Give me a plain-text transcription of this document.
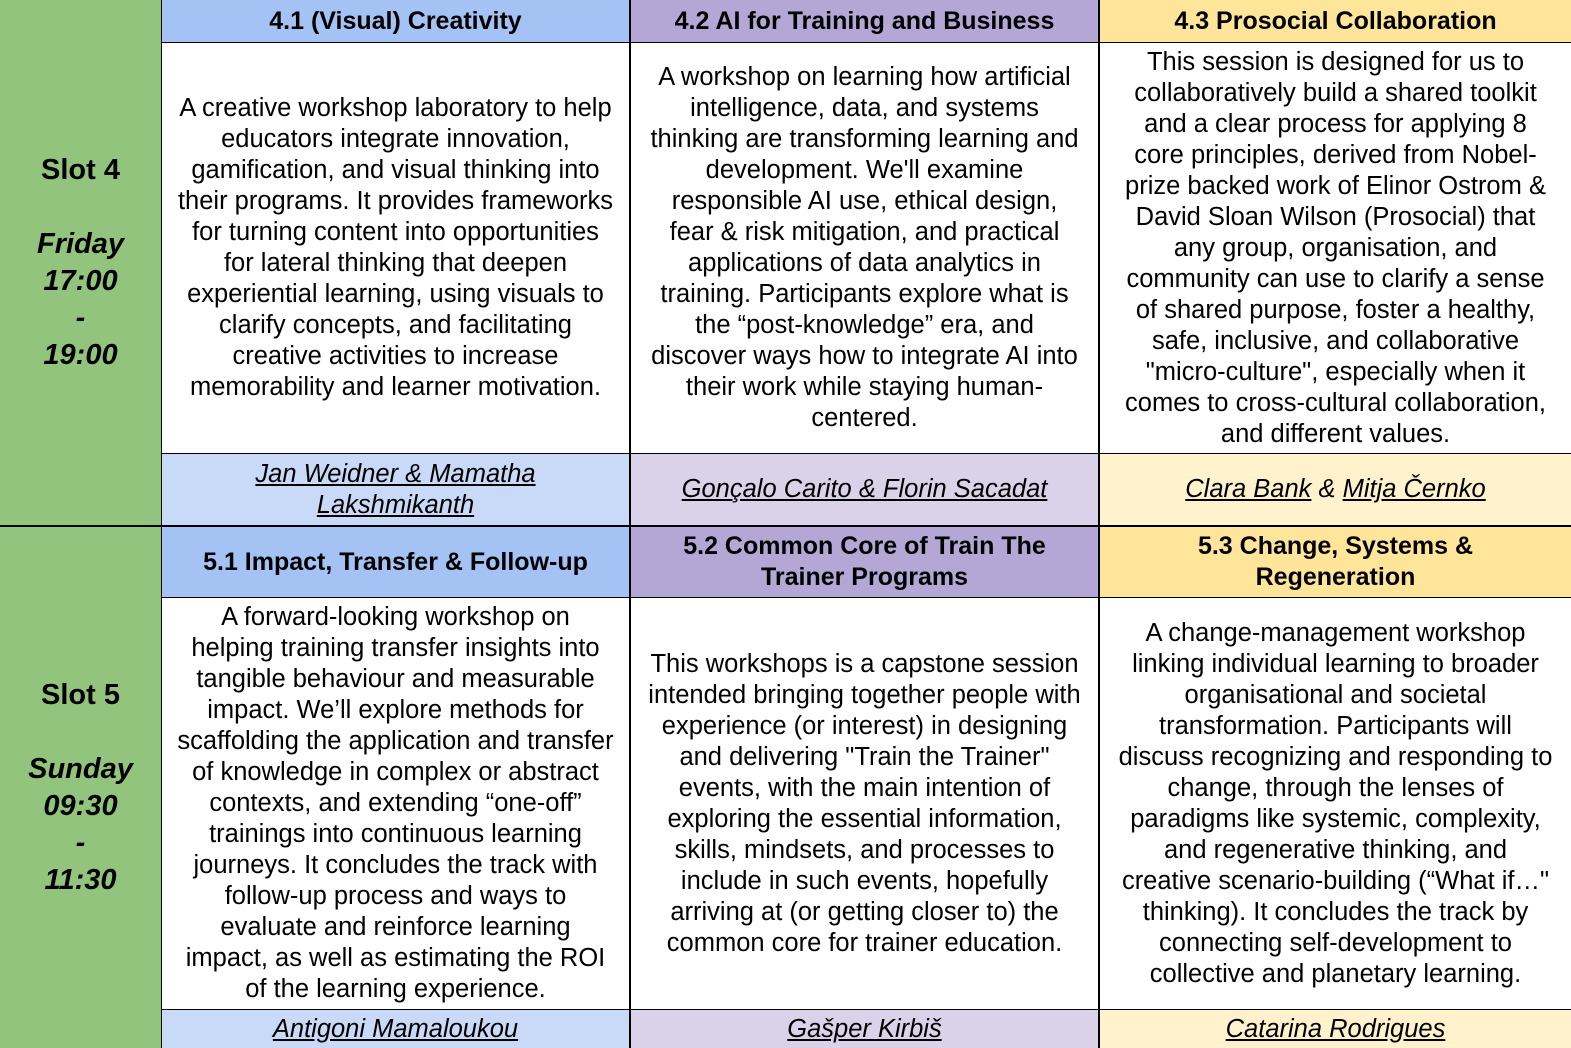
Slot 4
Friday
17:00
-
19:00
4.1 (Visual) Creativity
A creative workshop laboratory to help
educators integrate innovation,
gamification, and visual thinking into
their programs. It provides frameworks
for turning content into opportunities
for lateral thinking that deepen
experiential learning, using visuals to
clarify concepts, and facilitating
creative activities to increase
memorability and learner motivation.
Jan Weidner & Mamatha
Lakshmikanth
4.2 AI for Training and Business
A workshop on learning how artificial
intelligence, data, and systems
thinking are transforming learning and
development. We'll examine
responsible AI use, ethical design,
fear & risk mitigation, and practical
applications of data analytics in
training. Participants explore what is
the “post-knowledge” era, and
discover ways how to integrate AI into
their work while staying human-
centered.
Gonçalo Carito & Florin Sacadat
4.3 Prosocial Collaboration
This session is designed for us to
collaboratively build a shared toolkit
and a clear process for applying 8
core principles, derived from Nobel-
prize backed work of Elinor Ostrom &
David Sloan Wilson (Prosocial) that
any group, organisation, and
community can use to clarify a sense
of shared purpose, foster a healthy,
safe, inclusive, and collaborative
"micro-culture", especially when it
comes to cross-cultural collaboration,
and different values.
Clara Bank & Mitja Černko
Slot 5
Sunday
09:30
-
11:30
5.1 Impact, Transfer & Follow-up
A forward-looking workshop on
helping training transfer insights into
tangible behaviour and measurable
impact. We’ll explore methods for
scaffolding the application and transfer
of knowledge in complex or abstract
contexts, and extending “one-off”
trainings into continuous learning
journeys. It concludes the track with
follow-up process and ways to
evaluate and reinforce learning
impact, as well as estimating the ROI
of the learning experience.
Antigoni Mamaloukou
5.2 Common Core of Train The
Trainer Programs
This workshops is a capstone session
intended bringing together people with
experience (or interest) in designing
and delivering "Train the Trainer"
events, with the main intention of
exploring the essential information,
skills, mindsets, and processes to
include in such events, hopefully
arriving at (or getting closer to) the
common core for trainer education.
Gašper Kirbiš
5.3 Change, Systems &
Regeneration
A change-management workshop
linking individual learning to broader
organisational and societal
transformation. Participants will
discuss recognizing and responding to
change, through the lenses of
paradigms like systemic, complexity,
and regenerative thinking, and
creative scenario-building (“What if…"
thinking). It concludes the track by
connecting self-development to
collective and planetary learning.
Catarina Rodrigues
